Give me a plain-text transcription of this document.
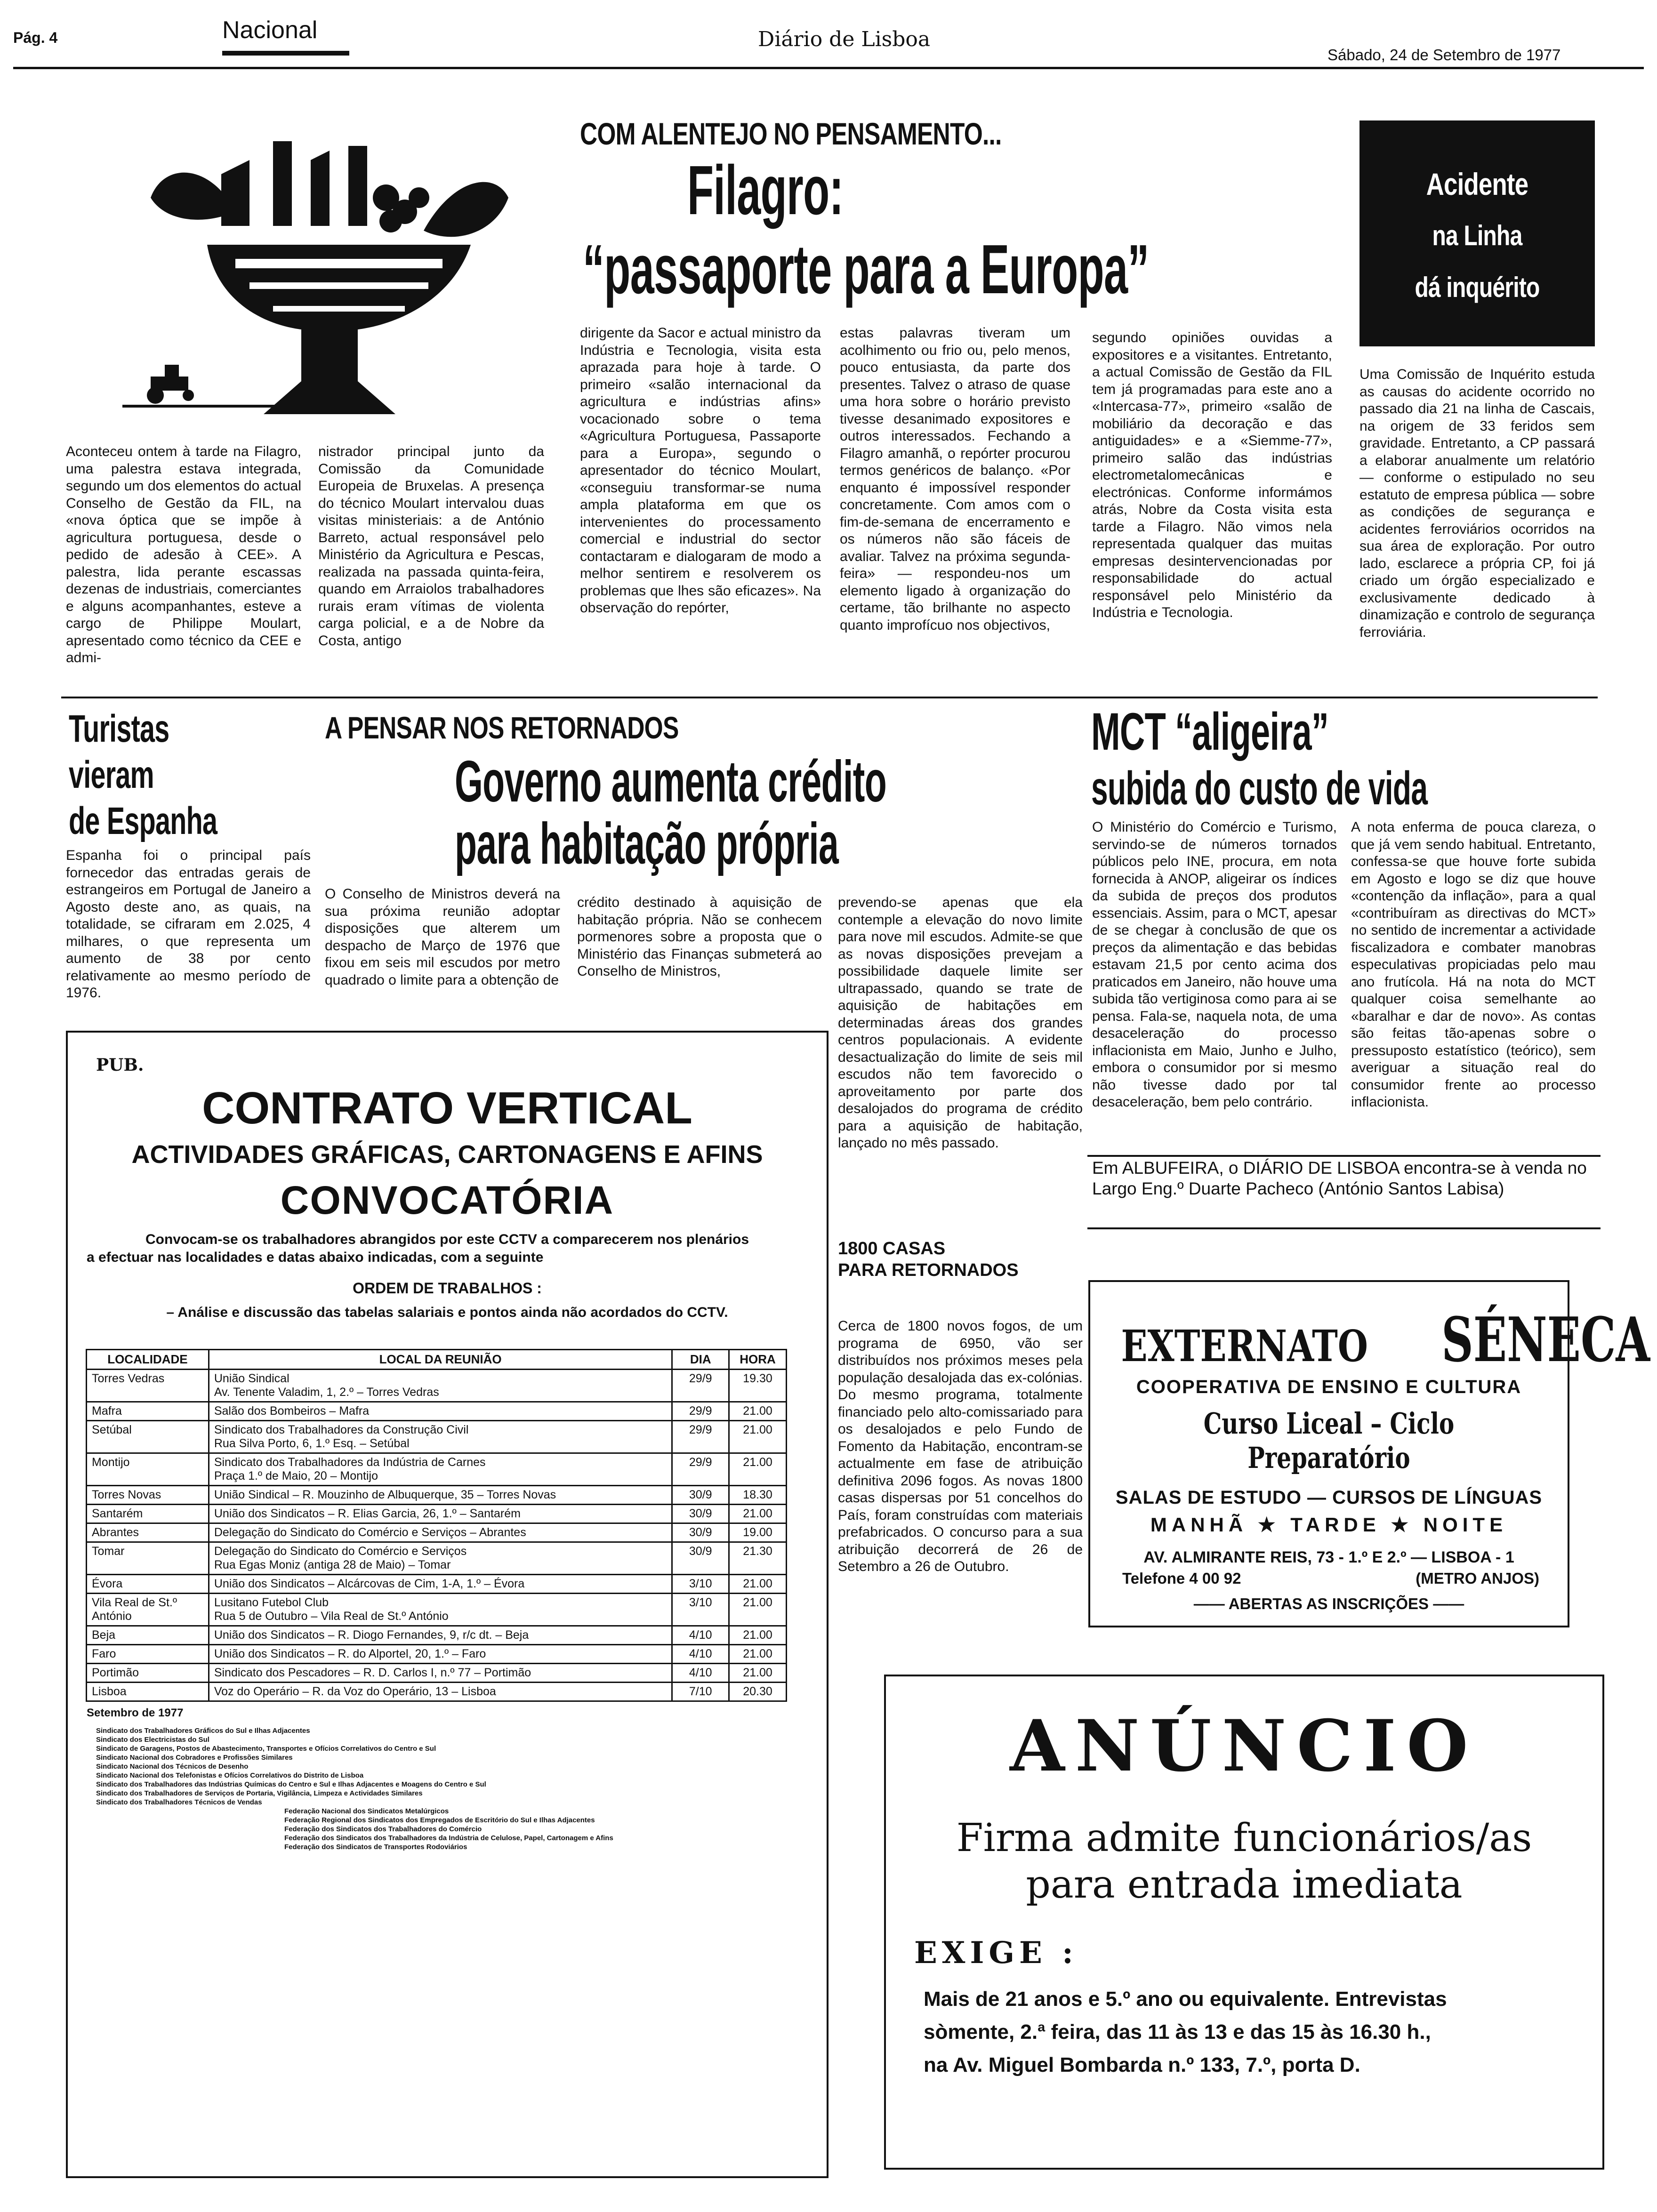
Pág. 4	Nacional	Diário de Lisboa
Sábado, 24 de Setembro de 1977
COM ALENTEJO NO PENSAMENTO...
Filagro:
“passaporte para a Europa”
Aconteceu ontem à tarde na Filagro, uma palestra estava integrada, segundo um dos elementos do actual Conselho de Gestão da FIL, na «nova óptica que se impõe à agricultura portuguesa, desde o pedido de adesão à CEE». A palestra, lida perante escassas dezenas de industriais, comerciantes e alguns acompanhantes, esteve a cargo de Philippe Moulart, apresentado como técnico da CEE e admi-
nistrador principal junto da Comissão da Comunidade Europeia de Bruxelas. A presença do técnico Moulart intervalou duas visitas ministeriais: a de António Barreto, actual responsável pelo Ministério da Agricultura e Pescas, realizada na passada quinta-feira, quando em Arraiolos trabalhadores rurais eram vítimas de violenta carga policial, e a de Nobre da Costa, antigo
dirigente da Sacor e actual ministro da Indústria e Tecnologia, visita esta aprazada para hoje à tarde. O primeiro «salão internacional da agricultura e indústrias afins» vocacionado sobre o tema «Agricultura Portuguesa, Passaporte para a Europa», segundo o apresentador do técnico Moulart, «conseguiu transformar-se numa ampla plataforma em que os intervenientes do processamento comercial e industrial do sector contactaram e dialogaram de modo a melhor sentirem e resolverem os problemas que lhes são eficazes». Na observação do repórter,
estas palavras tiveram um acolhimento ou frio ou, pelo menos, pouco entusiasta, da parte dos presentes. Talvez o atraso de quase uma hora sobre o horário previsto tivesse desanimado expositores e outros interessados. Fechando a Filagro amanhã, o repórter procurou termos genéricos de balanço. «Por enquanto é impossível responder concretamente. Com amos com o fim-de-semana de encerramento e os números não são fáceis de avaliar. Talvez na próxima segunda-feira» — respondeu-nos um elemento ligado à organização do certame, tão brilhante no aspecto quanto improfícuo nos objectivos,
segundo opiniões ouvidas a expositores e a visitantes. Entretanto, a actual Comissão de Gestão da FIL tem já programadas para este ano a «Intercasa-77», primeiro «salão de mobiliário da decoração e das antiguidades» e a «Siemme-77», primeiro salão das indústrias electrometalomecânicas e electrónicas. Conforme informámos atrás, Nobre da Costa visita esta tarde a Filagro. Não vimos nela representada qualquer das muitas empresas desintervencionadas por responsabilidade do actual responsável pelo Ministério da Indústria e Tecnologia.
Acidente
na Linha
dá inquérito
Uma Comissão de Inquérito estuda as causas do acidente ocorrido no passado dia 21 na linha de Cascais, na origem de 33 feridos sem gravidade. Entretanto, a CP passará a elaborar anualmente um relatório — conforme o estipulado no seu estatuto de empresa pública — sobre as condições de segurança e acidentes ferroviários ocorridos na sua área de exploração. Por outro lado, esclarece a própria CP, foi já criado um órgão especializado e exclusivamente dedicado à dinamização e controlo de segurança ferroviária.
Turistas
vieram
de Espanha
Espanha foi o principal país fornecedor das entradas gerais de estrangeiros em Portugal de Janeiro a Agosto deste ano, as quais, na totalidade, se cifraram em 2.025, 4 milhares, o que representa um aumento de 38 por cento relativamente ao mesmo período de 1976.
A PENSAR NOS RETORNADOS
Governo aumenta crédito
para habitação própria
O Conselho de Ministros deverá na sua próxima reunião adoptar disposições que alterem um despacho de Março de 1976 que fixou em seis mil escudos por metro quadrado o limite para a obtenção de
crédito destinado à aquisição de habitação própria. Não se conhecem pormenores sobre a proposta que o Ministério das Finanças submeterá ao Conselho de Ministros,
prevendo-se apenas que ela contemple a elevação do novo limite para nove mil escudos. Admite-se que as novas disposições prevejam a possibilidade daquele limite ser ultrapassado, quando se trate de aquisição de habitações em determinadas áreas dos grandes centros populacionais. A evidente desactualização do limite de seis mil escudos não tem favorecido o aproveitamento por parte dos desalojados do programa de crédito para a aquisição de habitação, lançado no mês passado.
1800 CASAS
PARA RETORNADOS
Cerca de 1800 novos fogos, de um programa de 6950, vão ser distribuídos nos próximos meses pela população desalojada das ex-colónias. Do mesmo programa, totalmente financiado pelo alto-comissariado para os desalojados e pelo Fundo de Fomento da Habitação, encontram-se actualmente em fase de atribuição definitiva 2096 fogos. As novas 1800 casas dispersas por 51 concelhos do País, foram construídas com materiais prefabricados. O concurso para a sua atribuição decorrerá de 26 de Setembro a 26 de Outubro.
MCT “aligeira”
subida do custo de vida
O Ministério do Comércio e Turismo, servindo-se de números tornados públicos pelo INE, procura, em nota fornecida à ANOP, aligeirar os índices da subida de preços dos produtos essenciais. Assim, para o MCT, apesar de se chegar à conclusão de que os preços da alimentação e das bebidas estavam 21,5 por cento acima dos praticados em Janeiro, não houve uma subida tão vertiginosa como para ai se pensa. Fala-se, naquela nota, de uma desaceleração do processo inflacionista em Maio, Junho e Julho, embora o consumidor por si mesmo não tivesse dado por tal desaceleração, bem pelo contrário.
A nota enferma de pouca clareza, o que já vem sendo habitual. Entretanto, confessa-se que houve forte subida em Agosto e logo se diz que houve «contenção da inflação», para a qual «contribuíram as directivas do MCT» no sentido de incrementar a actividade fiscalizadora e combater manobras especulativas propiciadas pelo mau ano frutícola. Há na nota do MCT qualquer coisa semelhante ao «baralhar e dar de novo». As contas são feitas tão-apenas sobre o pressuposto estatístico (teórico), sem averiguar a situação real do consumidor frente ao processo inflacionista.
Em ALBUFEIRA, o DIÁRIO DE LISBOA encontra-se à venda no Largo Eng.º Duarte Pacheco (António Santos Labisa)
EXTERNATO SÉNECA
COOPERATIVA DE ENSINO E CULTURA
Curso Liceal – Ciclo Preparatório
SALAS DE ESTUDO — CURSOS DE LÍNGUAS
MANHÃ ★ TARDE ★ NOITE
AV. ALMIRANTE REIS, 73 - 1.º E 2.º — LISBOA - 1
Telefone 4 00 92	(METRO ANJOS)
—— ABERTAS AS INSCRIÇÕES ——
ANÚNCIO
Firma admite funcionários/as
para entrada imediata
EXIGE :
Mais de 21 anos e 5.º ano ou equivalente. Entrevistas
sòmente, 2.ª feira, das 11 às 13 e das 15 às 16.30 h.,
na Av. Miguel Bombarda n.º 133, 7.º, porta D.
PUB.
CONTRATO VERTICAL
ACTIVIDADES GRÁFICAS, CARTONAGENS E AFINS
CONVOCATÓRIA
Convocam-se os trabalhadores abrangidos por este CCTV a comparecerem nos plenários
a efectuar nas localidades e datas abaixo indicadas, com a seguinte
ORDEM DE TRABALHOS :
– Análise e discussão das tabelas salariais e pontos ainda não acordados do CCTV.
LOCALIDADE	LOCAL DA REUNIÃO	DIA	HORA
Torres Vedras	União Sindical
Av. Tenente Valadim, 1, 2.º – Torres Vedras	29/9	19.30
Mafra	Salão dos Bombeiros – Mafra	29/9	21.00
Setúbal	Sindicato dos Trabalhadores da Construção Civil
Rua Silva Porto, 6, 1.º Esq. – Setúbal	29/9	21.00
Montijo	Sindicato dos Trabalhadores da Indústria de Carnes
Praça 1.º de Maio, 20 – Montijo	29/9	21.00
Torres Novas	União Sindical – R. Mouzinho de Albuquerque, 35 – Torres Novas	30/9	18.30
Santarém	União dos Sindicatos – R. Elias Garcia, 26, 1.º – Santarém	30/9	21.00
Abrantes	Delegação do Sindicato do Comércio e Serviços – Abrantes	30/9	19.00
Tomar	Delegação do Sindicato do Comércio e Serviços
Rua Egas Moniz (antiga 28 de Maio) – Tomar	30/9	21.30
Évora	União dos Sindicatos – Alcárcovas de Cim, 1-A, 1.º – Évora	3/10	21.00
Vila Real de St.º António	Lusitano Futebol Club
Rua 5 de Outubro – Vila Real de St.º António	3/10	21.00
Beja	União dos Sindicatos – R. Diogo Fernandes, 9, r/c dt. – Beja	4/10	21.00
Faro	União dos Sindicatos – R. do Alportel, 20, 1.º – Faro	4/10	21.00
Portimão	Sindicato dos Pescadores – R. D. Carlos I, n.º 77 – Portimão	4/10	21.00
Lisboa	Voz do Operário – R. da Voz do Operário, 13 – Lisboa	7/10	20.30
Setembro de 1977
Sindicato dos Trabalhadores Gráficos do Sul e Ilhas Adjacentes
Sindicato dos Electricistas do Sul
Sindicato de Garagens, Postos de Abastecimento, Transportes e Ofícios Correlativos do Centro e Sul
Sindicato Nacional dos Cobradores e Profissões Similares
Sindicato Nacional dos Técnicos de Desenho
Sindicato Nacional dos Telefonistas e Ofícios Correlativos do Distrito de Lisboa
Sindicato dos Trabalhadores das Indústrias Químicas do Centro e Sul e Ilhas Adjacentes e Moagens do Centro e Sul
Sindicato dos Trabalhadores de Serviços de Portaria, Vigilância, Limpeza e Actividades Similares
Sindicato dos Trabalhadores Técnicos de Vendas
Federação Nacional dos Sindicatos Metalúrgicos
Federação Regional dos Sindicatos dos Empregados de Escritório do Sul e Ilhas Adjacentes
Federação dos Sindicatos dos Trabalhadores do Comércio
Federação dos Sindicatos dos Trabalhadores da Indústria de Celulose, Papel, Cartonagem e Afins
Federação dos Sindicatos de Transportes Rodoviários
